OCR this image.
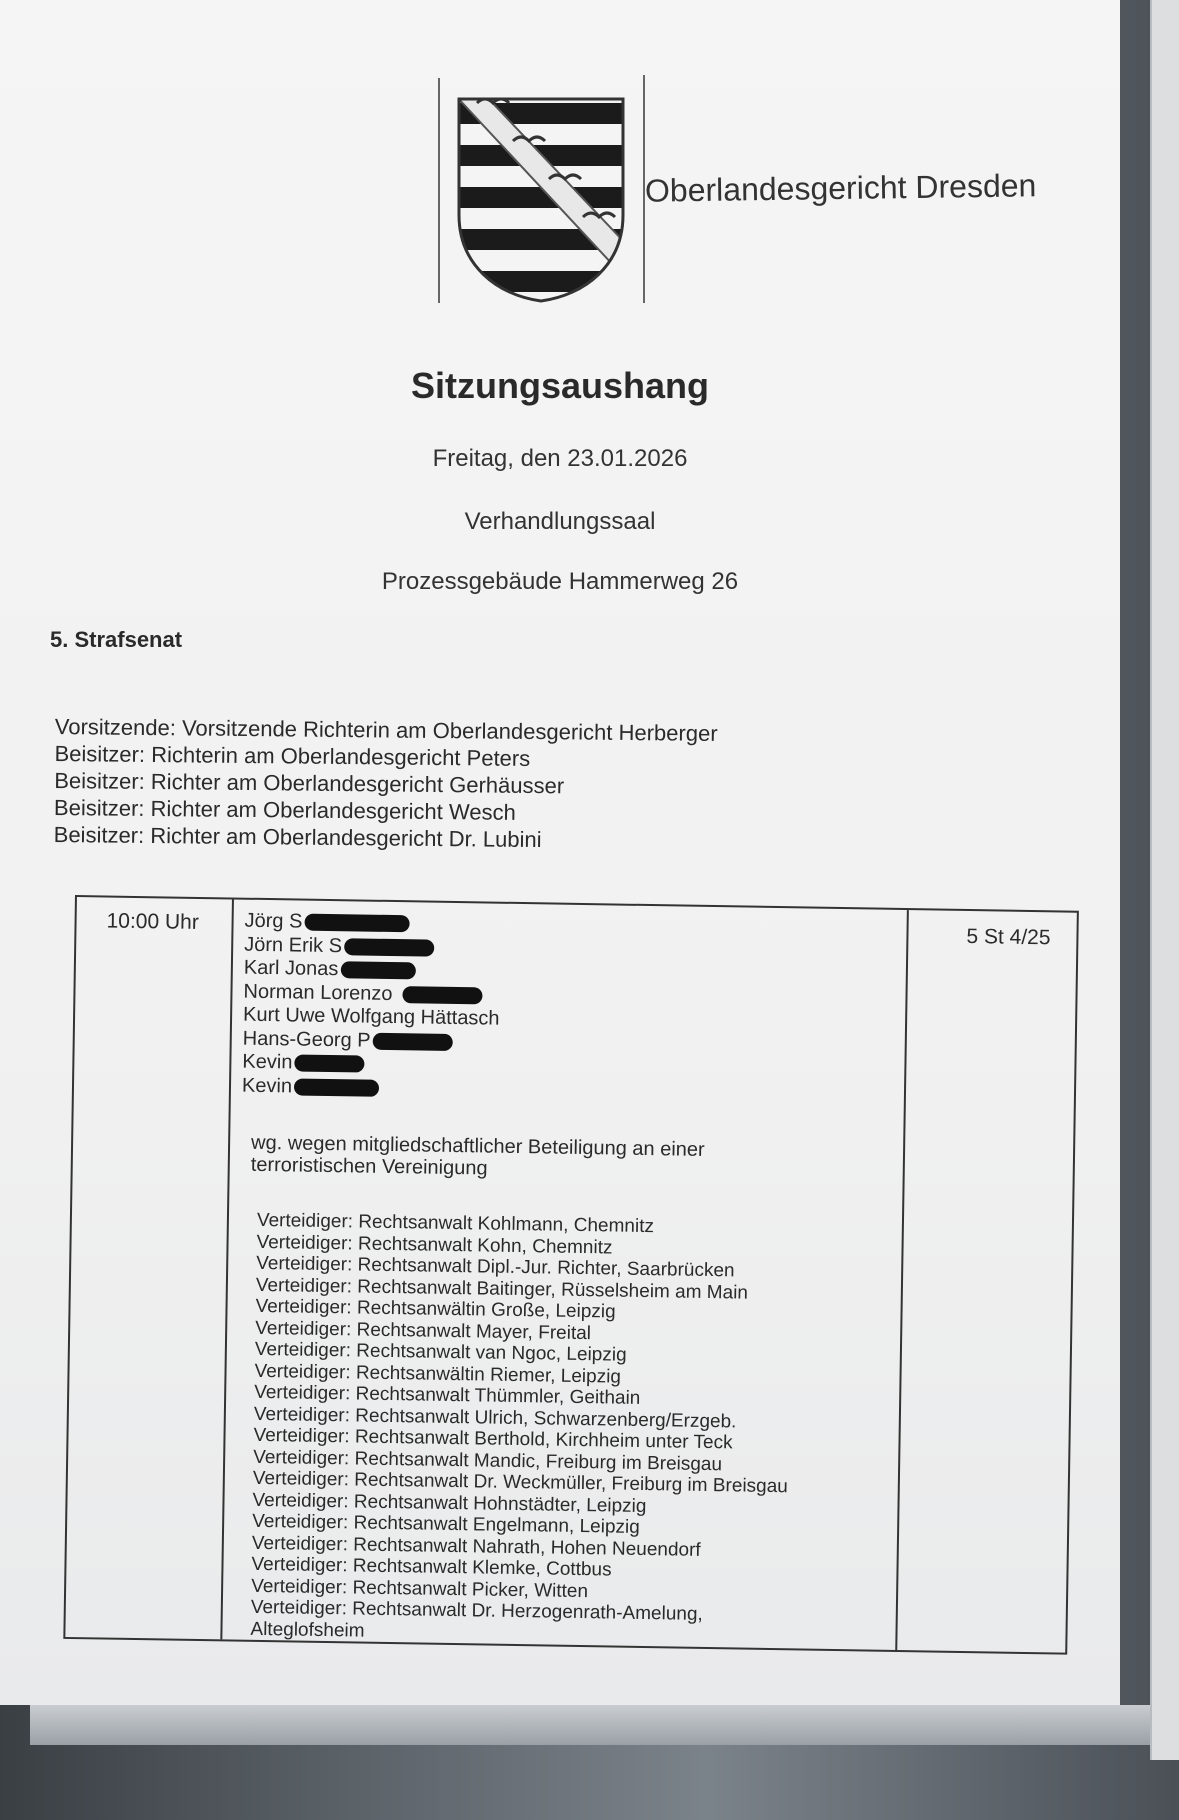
Oberlandesgericht Dresden
Sitzungsaushang
Freitag, den 23.01.2026
Verhandlungssaal
Prozessgebäude Hammerweg 26
5. Strafsenat
Vorsitzende: Vorsitzende Richterin am Oberlandesgericht Herberger
Beisitzer: Richterin am Oberlandesgericht Peters
Beisitzer: Richter am Oberlandesgericht Gerhäusser
Beisitzer: Richter am Oberlandesgericht Wesch
Beisitzer: Richter am Oberlandesgericht Dr. Lubini
10:00 Uhr
5 St 4/25
Jörg S
Jörn Erik S
Karl Jonas
Norman Lorenzo
Kurt Uwe Wolfgang Hättasch
Hans-Georg P
Kevin
Kevin
wg. wegen mitgliedschaftlicher Beteiligung an einer
terroristischen Vereinigung
Verteidiger: Rechtsanwalt Kohlmann, Chemnitz
Verteidiger: Rechtsanwalt Kohn, Chemnitz
Verteidiger: Rechtsanwalt Dipl.-Jur. Richter, Saarbrücken
Verteidiger: Rechtsanwalt Baitinger, Rüsselsheim am Main
Verteidiger: Rechtsanwältin Große, Leipzig
Verteidiger: Rechtsanwalt Mayer, Freital
Verteidiger: Rechtsanwalt van Ngoc, Leipzig
Verteidiger: Rechtsanwältin Riemer, Leipzig
Verteidiger: Rechtsanwalt Thümmler, Geithain
Verteidiger: Rechtsanwalt Ulrich, Schwarzenberg/Erzgeb.
Verteidiger: Rechtsanwalt Berthold, Kirchheim unter Teck
Verteidiger: Rechtsanwalt Mandic, Freiburg im Breisgau
Verteidiger: Rechtsanwalt Dr. Weckmüller, Freiburg im Breisgau
Verteidiger: Rechtsanwalt Hohnstädter, Leipzig
Verteidiger: Rechtsanwalt Engelmann, Leipzig
Verteidiger: Rechtsanwalt Nahrath, Hohen Neuendorf
Verteidiger: Rechtsanwalt Klemke, Cottbus
Verteidiger: Rechtsanwalt Picker, Witten
Verteidiger: Rechtsanwalt Dr. Herzogenrath-Amelung,
Alteglofsheim
